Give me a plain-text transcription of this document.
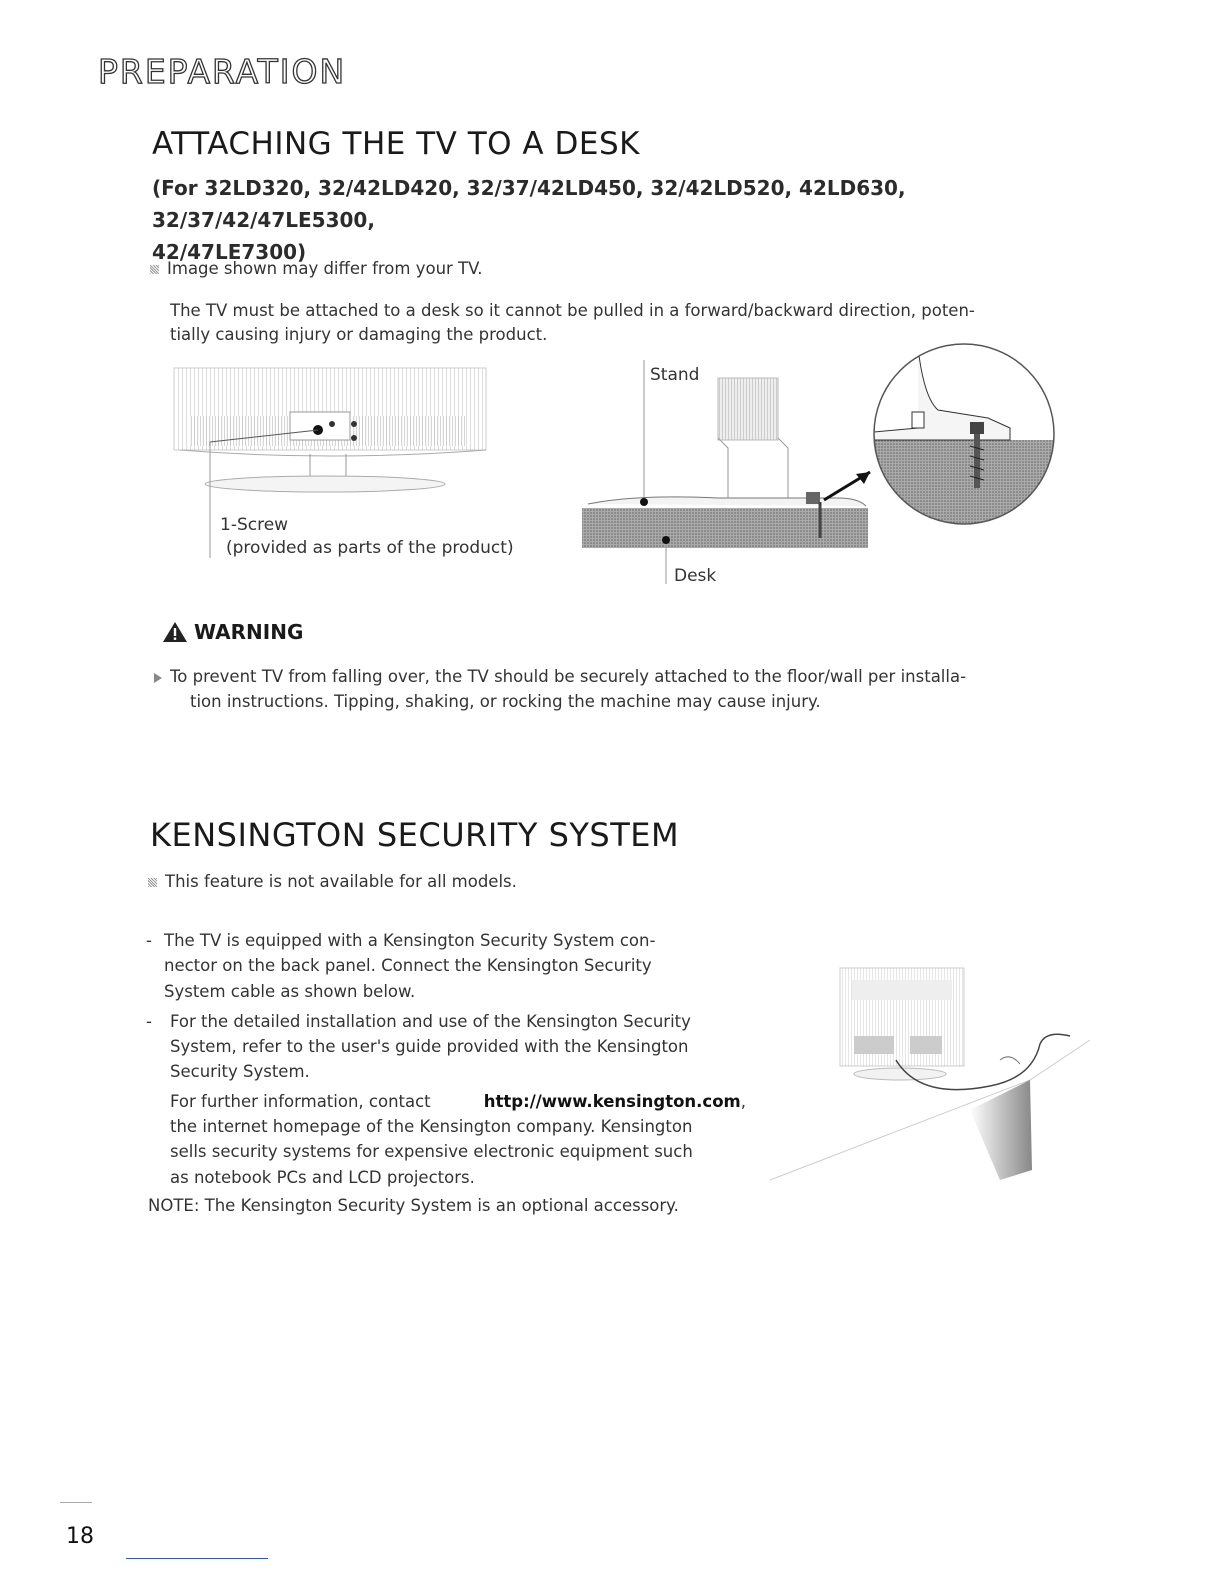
PREPARATION
ATTACHING THE TV TO A DESK
(For 32LD320, 32/42LD420, 32/37/42LD450, 32/42LD520, 42LD630, 32/37/42/47LE5300,
42/47LE7300)
Image shown may differ from your TV.
The TV must be attached to a desk so it cannot be pulled in a forward/backward direction, poten-
tially causing injury or damaging the product.
1-Screw
(provided as parts of the product)
Stand
Desk
WARNING
To prevent TV from falling over, the TV should be securely attached to the floor/wall per installa-
tion instructions. Tipping, shaking, or rocking the machine may cause injury.
KENSINGTON SECURITY SYSTEM
This feature is not available for all models.
- The TV is equipped with a Kensington Security System con-

nector on the back panel. Connect the Kensington Security

System cable as shown below.

-	For the detailed installation and use of the Kensington Security

System, refer to the user's guide provided with the Kensington

Security System.

For further information, contact	http://www.kensington.com,

the internet homepage of the Kensington company. Kensington

sells security systems for expensive electronic equipment such

as notebook PCs and LCD projectors.

NOTE: The Kensington Security System is an optional accessory.
18
